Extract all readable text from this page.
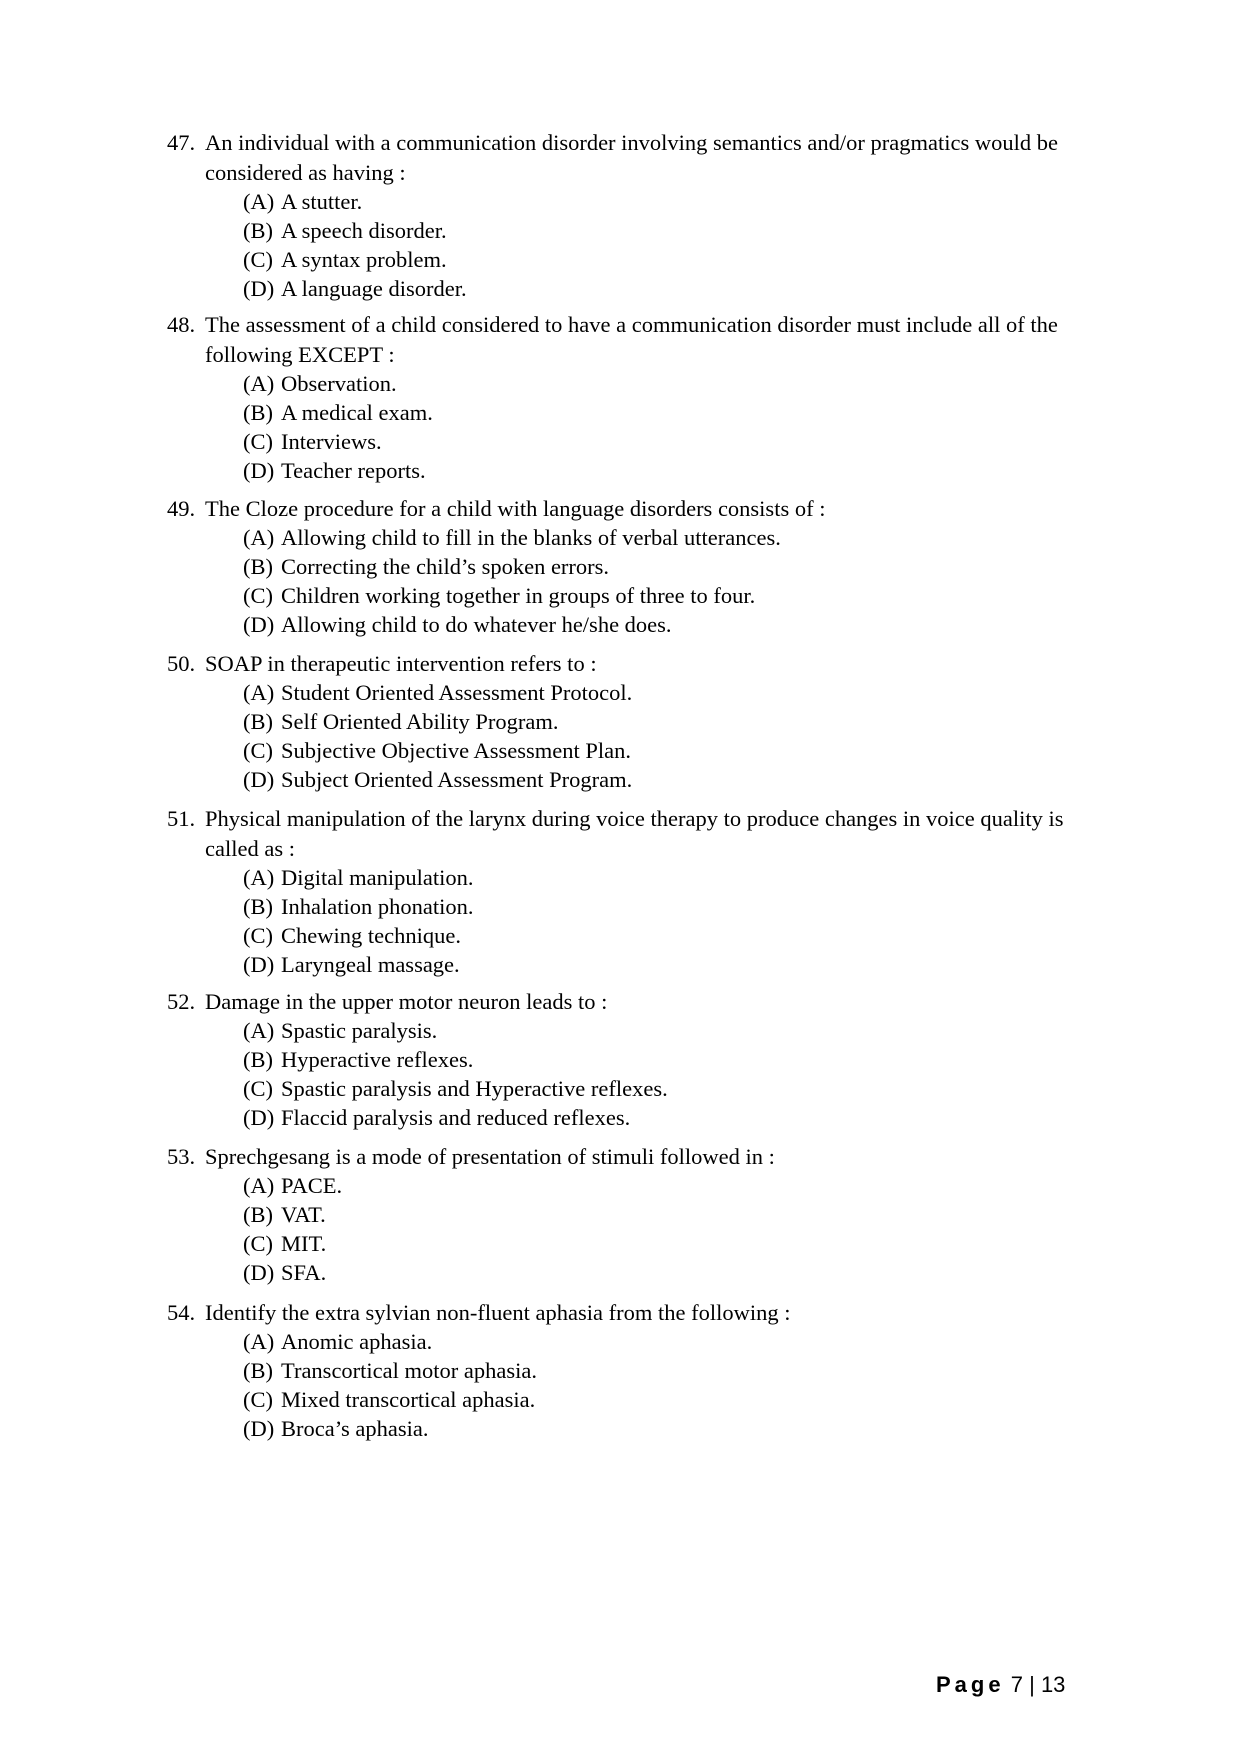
47. An individual with a communication disorder involving semantics and/or pragmatics would be considered as having :
(A) A stutter.
(B) A speech disorder.
(C) A syntax problem.
(D) A language disorder.
48. The assessment of a child considered to have a communication disorder must include all of the following EXCEPT :
(A) Observation.
(B) A medical exam.
(C) Interviews.
(D) Teacher reports.
49. The Cloze procedure for a child with language disorders consists of :
(A) Allowing child to fill in the blanks of verbal utterances.
(B) Correcting the child’s spoken errors.
(C) Children working together in groups of three to four.
(D) Allowing child to do whatever he/she does.
50. SOAP in therapeutic intervention refers to :
(A) Student Oriented Assessment Protocol.
(B) Self Oriented Ability Program.
(C) Subjective Objective Assessment Plan.
(D) Subject Oriented Assessment Program.
51. Physical manipulation of the larynx during voice therapy to produce changes in voice quality is called as :
(A) Digital manipulation.
(B) Inhalation phonation.
(C) Chewing technique.
(D) Laryngeal massage.
52. Damage in the upper motor neuron leads to :
(A) Spastic paralysis.
(B) Hyperactive reflexes.
(C) Spastic paralysis and Hyperactive reflexes.
(D) Flaccid paralysis and reduced reflexes.
53. Sprechgesang is a mode of presentation of stimuli followed in :
(A) PACE.
(B) VAT.
(C) MIT.
(D) SFA.
54. Identify the extra sylvian non-fluent aphasia from the following :
(A) Anomic aphasia.
(B) Transcortical motor aphasia.
(C) Mixed transcortical aphasia.
(D) Broca’s aphasia.
Page 7 | 13
